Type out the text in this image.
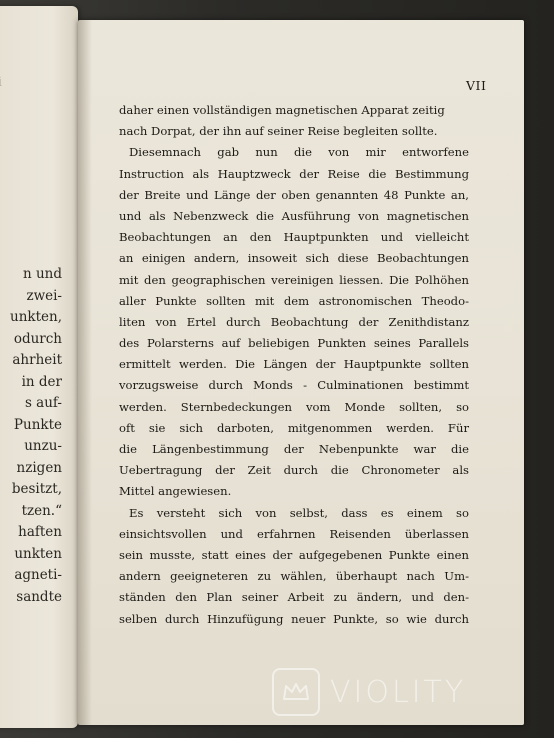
n und
zwei-
unkten,
odurch
ahrheit
in der
s auf-
Punkte
unzu-
nzigen
besitzt,
tzen.“
haften
unkten
agneti-
sandte
VII
daher einen vollständigen magnetischen Apparat zeitig
nach Dorpat, der ihn auf seiner Reise begleiten sollte.
Diesemnach gab nun die von mir entworfene
Instruction als Hauptzweck der Reise die Bestimmung
der Breite und Länge der oben genannten 48 Punkte an,
und als Nebenzweck die Ausführung von magnetischen
Beobachtungen an den Hauptpunkten und vielleicht
an einigen andern, insoweit sich diese Beobachtungen
mit den geographischen vereinigen liessen. Die Polhöhen
aller Punkte sollten mit dem astronomischen Theodo-
liten von Ertel durch Beobachtung der Zenithdistanz
des Polarsterns auf beliebigen Punkten seines Parallels
ermittelt werden. Die Längen der Hauptpunkte sollten
vorzugsweise durch Monds - Culminationen bestimmt
werden. Sternbedeckungen vom Monde sollten, so
oft sie sich darboten, mitgenommen werden. Für
die Längenbestimmung der Nebenpunkte war die
Uebertragung der Zeit durch die Chronometer als
Mittel angewiesen.
Es versteht sich von selbst, dass es einem so
einsichtsvollen und erfahrnen Reisenden überlassen
sein musste, statt eines der aufgegebenen Punkte einen
andern geeigneteren zu wählen, überhaupt nach Um-
ständen den Plan seiner Arbeit zu ändern, und den-
selben durch Hinzufügung neuer Punkte, so wie durch
VIOLITY
